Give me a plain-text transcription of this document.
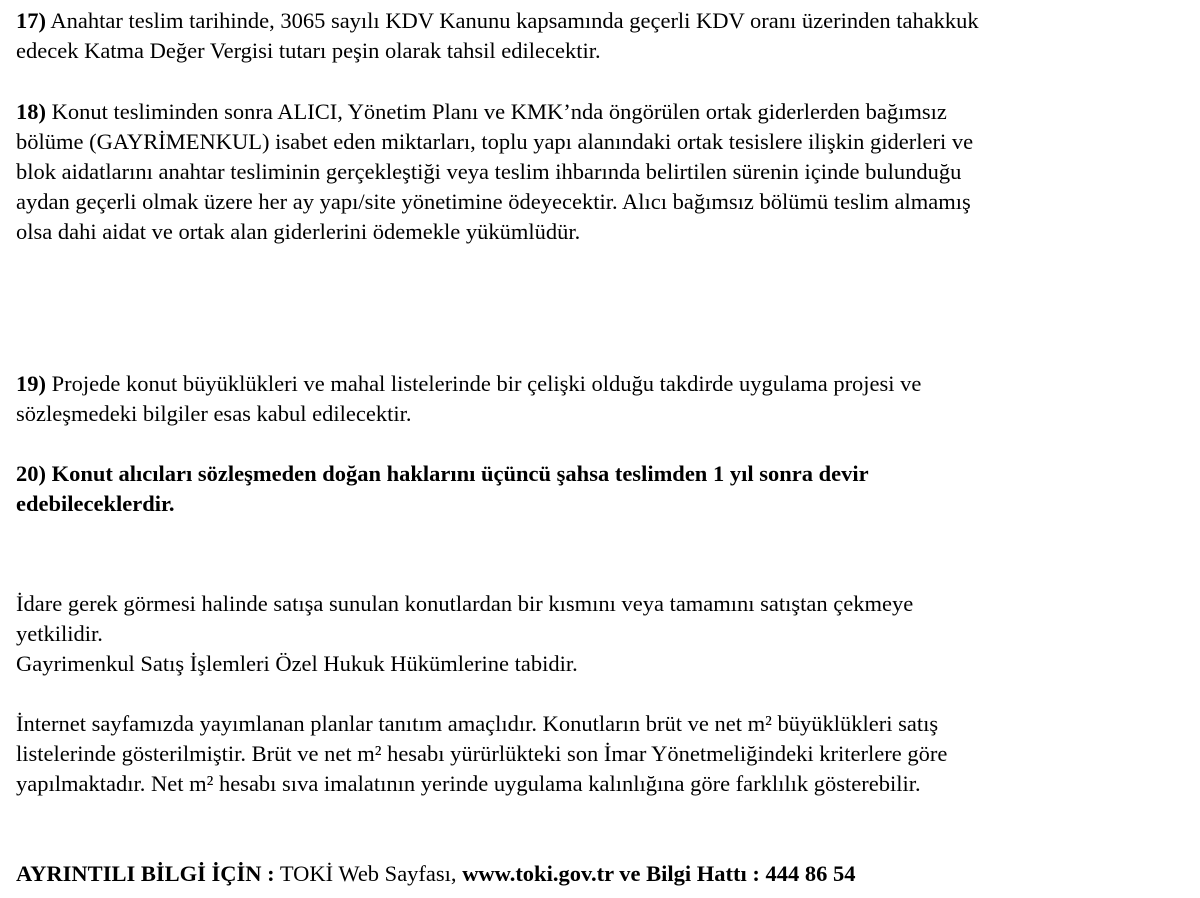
17) Anahtar teslim tarihinde, 3065 sayılı KDV Kanunu kapsamında geçerli KDV oranı üzerinden tahakkuk
edecek Katma Değer Vergisi tutarı peşin olarak tahsil edilecektir.
18) Konut tesliminden sonra ALICI, Yönetim Planı ve KMK’nda öngörülen ortak giderlerden bağımsız
bölüme (GAYRİMENKUL) isabet eden miktarları, toplu yapı alanındaki ortak tesislere ilişkin giderleri ve
blok aidatlarını anahtar tesliminin gerçekleştiği veya teslim ihbarında belirtilen sürenin içinde bulunduğu
aydan geçerli olmak üzere her ay yapı/site yönetimine ödeyecektir. Alıcı bağımsız bölümü teslim almamış
olsa dahi aidat ve ortak alan giderlerini ödemekle yükümlüdür.
19) Projede konut büyüklükleri ve mahal listelerinde bir çelişki olduğu takdirde uygulama projesi ve
sözleşmedeki bilgiler esas kabul edilecektir.
20) Konut alıcıları sözleşmeden doğan haklarını üçüncü şahsa teslimden 1 yıl sonra devir
edebileceklerdir.
İdare gerek görmesi halinde satışa sunulan konutlardan bir kısmını veya tamamını satıştan çekmeye
yetkilidir.
Gayrimenkul Satış İşlemleri Özel Hukuk Hükümlerine tabidir.
İnternet sayfamızda yayımlanan planlar tanıtım amaçlıdır. Konutların brüt ve net m² büyüklükleri satış
listelerinde gösterilmiştir. Brüt ve net m² hesabı yürürlükteki son İmar Yönetmeliğindeki kriterlere göre
yapılmaktadır. Net m² hesabı sıva imalatının yerinde uygulama kalınlığına göre farklılık gösterebilir.
AYRINTILI BİLGİ İÇİN : TOKİ Web Sayfası, www.toki.gov.tr ve Bilgi Hattı : 444 86 54
